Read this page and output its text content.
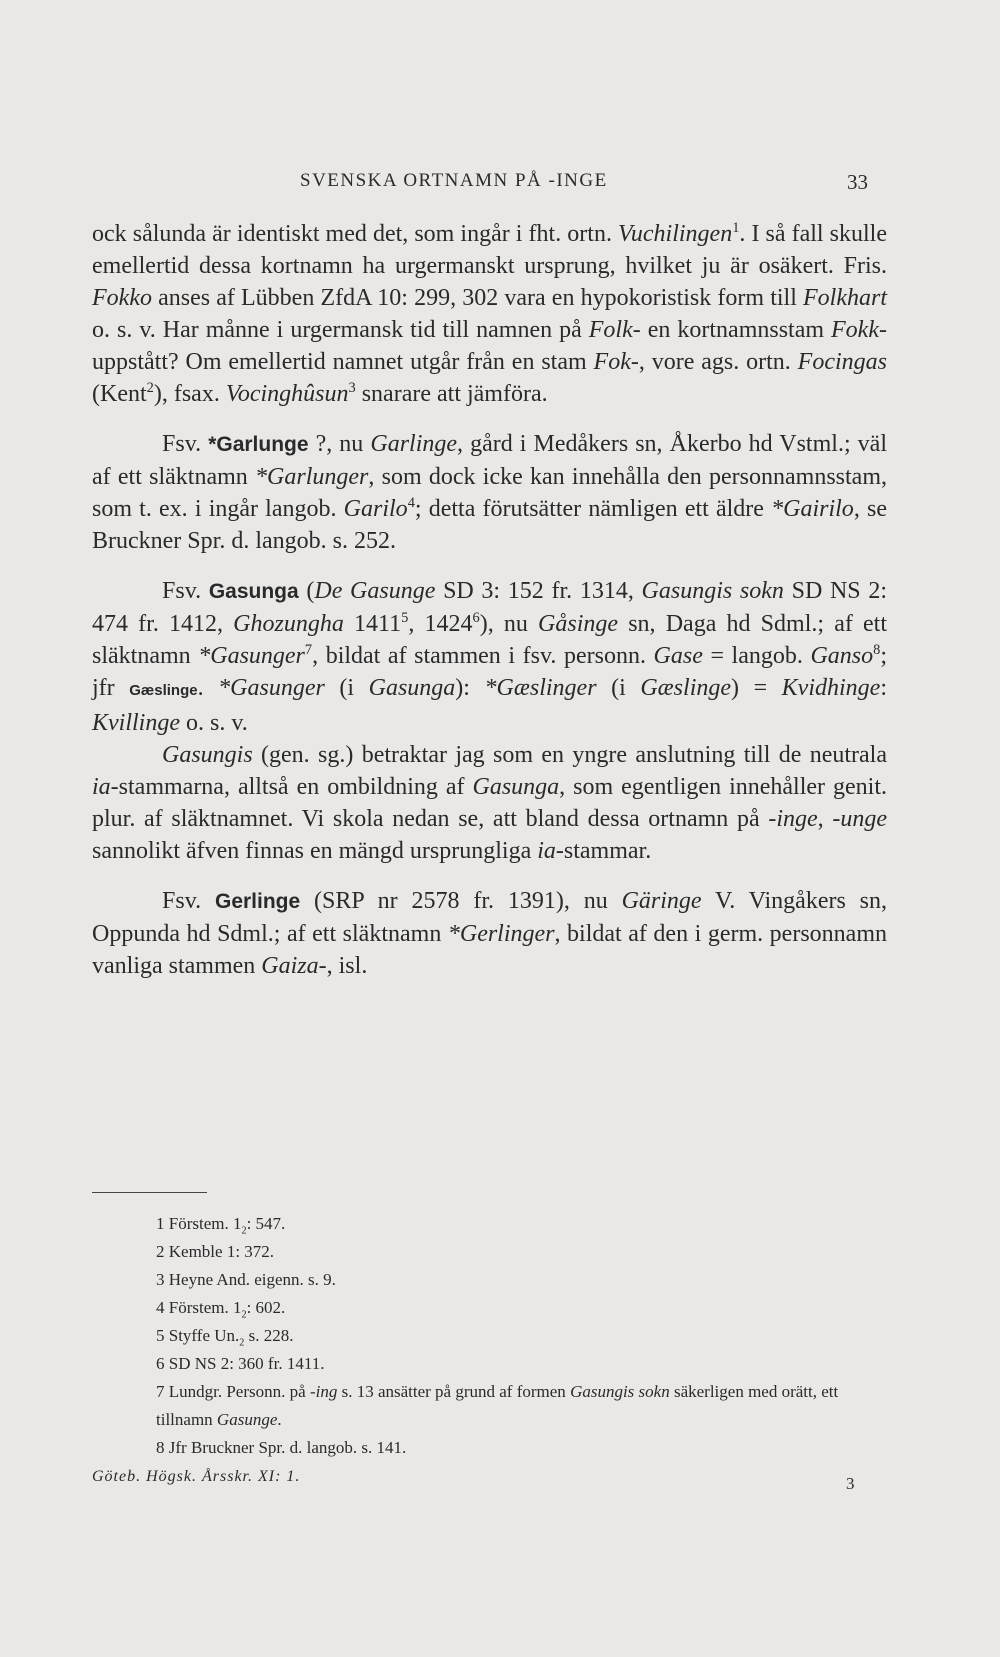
SVENSKA ORTNAMN PÅ -INGE	33

ock sålunda är identiskt med det, som ingår i fht. ortn. Vuchilingen$^1$. I så fall skulle emellertid dessa kortnamn ha urgermanskt ursprung, hvilket ju är osäkert. Fris. Fokko anses af Lübben ZfdA 10: 299, 302 vara en hypokoristisk form till Folkhart o. s. v. Har månne i urgermansk tid till namnen på Folk- en kortnamnsstam Fokk- uppstått? Om emellertid namnet utgår från en stam Fok-, vore ags. ortn. Focingas (Kent$^2$), fsax. Vocinghûsun$^3$ snarare att jämföra.

Fsv. *Garlunge ?, nu Garlinge, gård i Medåkers sn, Åkerbo hd Vstml.; väl af ett släktnamn *Garlunger, som dock icke kan innehålla den personnamnsstam, som t. ex. i ingår langob. Garilo$^4$; detta förutsätter nämligen ett äldre *Gairilo, se Bruckner Spr. d. langob. s. 252.

Fsv. Gasunga (De Gasunge SD 3: 152 fr. 1314, Gasungis sokn SD NS 2: 474 fr. 1412, Ghozungha 1411$^5$, 1424$^6$), nu Gåsinge sn, Daga hd Sdml.; af ett släktnamn *Gasunger$^7$, bildat af stammen i fsv. personn. Gase = langob. Ganso$^8$; jfr Gæslinge. *Gasunger (i Gasunga): *Gæslinger (i Gæslinge) = Kvidhinge: Kvillinge o. s. v.

Gasungis (gen. sg.) betraktar jag som en yngre anslutning till de neutrala ia-stammarna, alltså en ombildning af Gasunga, som egentligen innehåller genit. plur. af släktnamnet. Vi skola nedan se, att bland dessa ortnamn på -inge, -unge sannolikt äfven finnas en mängd ursprungliga ia-stammar.

Fsv. Gerlinge (SRP nr 2578 fr. 1391), nu Gäringe V. Vingåkers sn, Oppunda hd Sdml.; af ett släktnamn *Gerlinger, bildat af den i germ. personnamn vanliga stammen Gaiza-, isl.

1 Förstem. $1_2$: 547.

2 Kemble 1: 372.

3 Heyne And. eigenn. s. 9.

4 Förstem. $1_2$: 602.

5 Styffe $Un._2$ s. 228.

6 SD NS 2: 360 fr. 1411.

7 Lundgr. Personn. på -ing s. 13 ansätter på grund af formen Gasungis sokn säkerligen med orätt, ett tillnamn Gasunge.

8 Jfr Bruckner Spr. d. langob. s. 141.

Göteb. Högsk. Årsskr. XI: 1.	3
